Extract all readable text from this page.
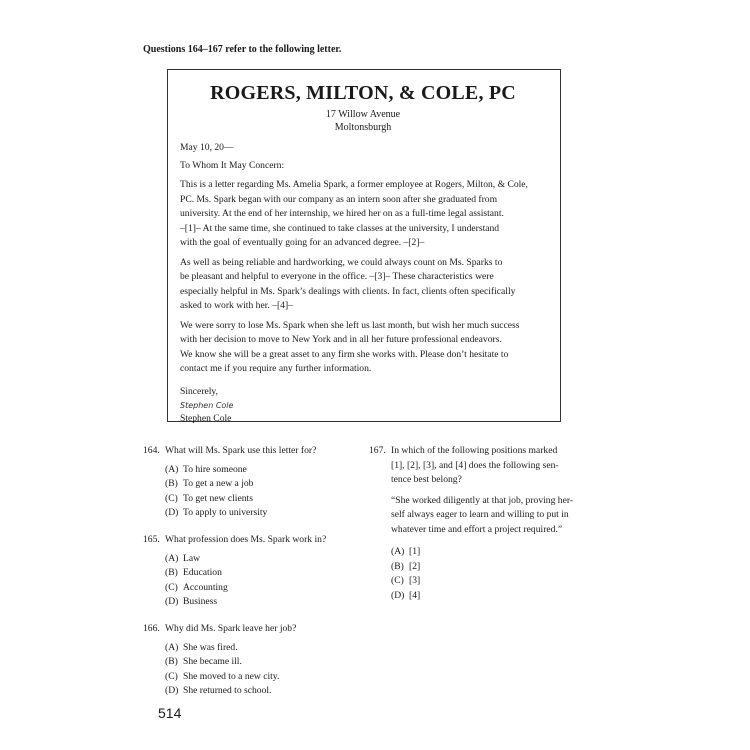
Questions 164–167 refer to the following letter.

ROGERS, MILTON, & COLE, PC

17 Willow Avenue

Moltonsburgh

May 10, 20—

To Whom It May Concern:

This is a letter regarding Ms. Amelia Spark, a former employee at Rogers, Milton, & Cole,

PC. Ms. Spark began with our company as an intern soon after she graduated from

university. At the end of her internship, we hired her on as a full-time legal assistant.

–[1]– At the same time, she continued to take classes at the university, I understand

with the goal of eventually going for an advanced degree. –[2]–

As well as being reliable and hardworking, we could always count on Ms. Sparks to

be pleasant and helpful to everyone in the office. –[3]– These characteristics were

especially helpful in Ms. Spark’s dealings with clients. In fact, clients often specifically

asked to work with her. –[4]–

We were sorry to lose Ms. Spark when she left us last month, but wish her much success

with her decision to move to New York and in all her future professional endeavors.

We know she will be a great asset to any firm she works with. Please don’t hesitate to

contact me if you require any further information.

Sincerely,

Stephen Cole

Stephen Cole

164. What will Ms. Spark use this letter for?
(A) To hire someone
(B) To get a new a job
(C) To get new clients
(D) To apply to university
165. What profession does Ms. Spark work in?
(A) Law
(B) Education
(C) Accounting
(D) Business
166. Why did Ms. Spark leave her job?
(A) She was fired.
(B) She became ill.
(C) She moved to a new city.
(D) She returned to school.
167. In which of the following positions marked
[1], [2], [3], and [4] does the following sen-
tence best belong?
“She worked diligently at that job, proving her-
self always eager to learn and willing to put in
whatever time and effort a project required.”
(A) [1]
(B) [2]
(C) [3]
(D) [4]

514
